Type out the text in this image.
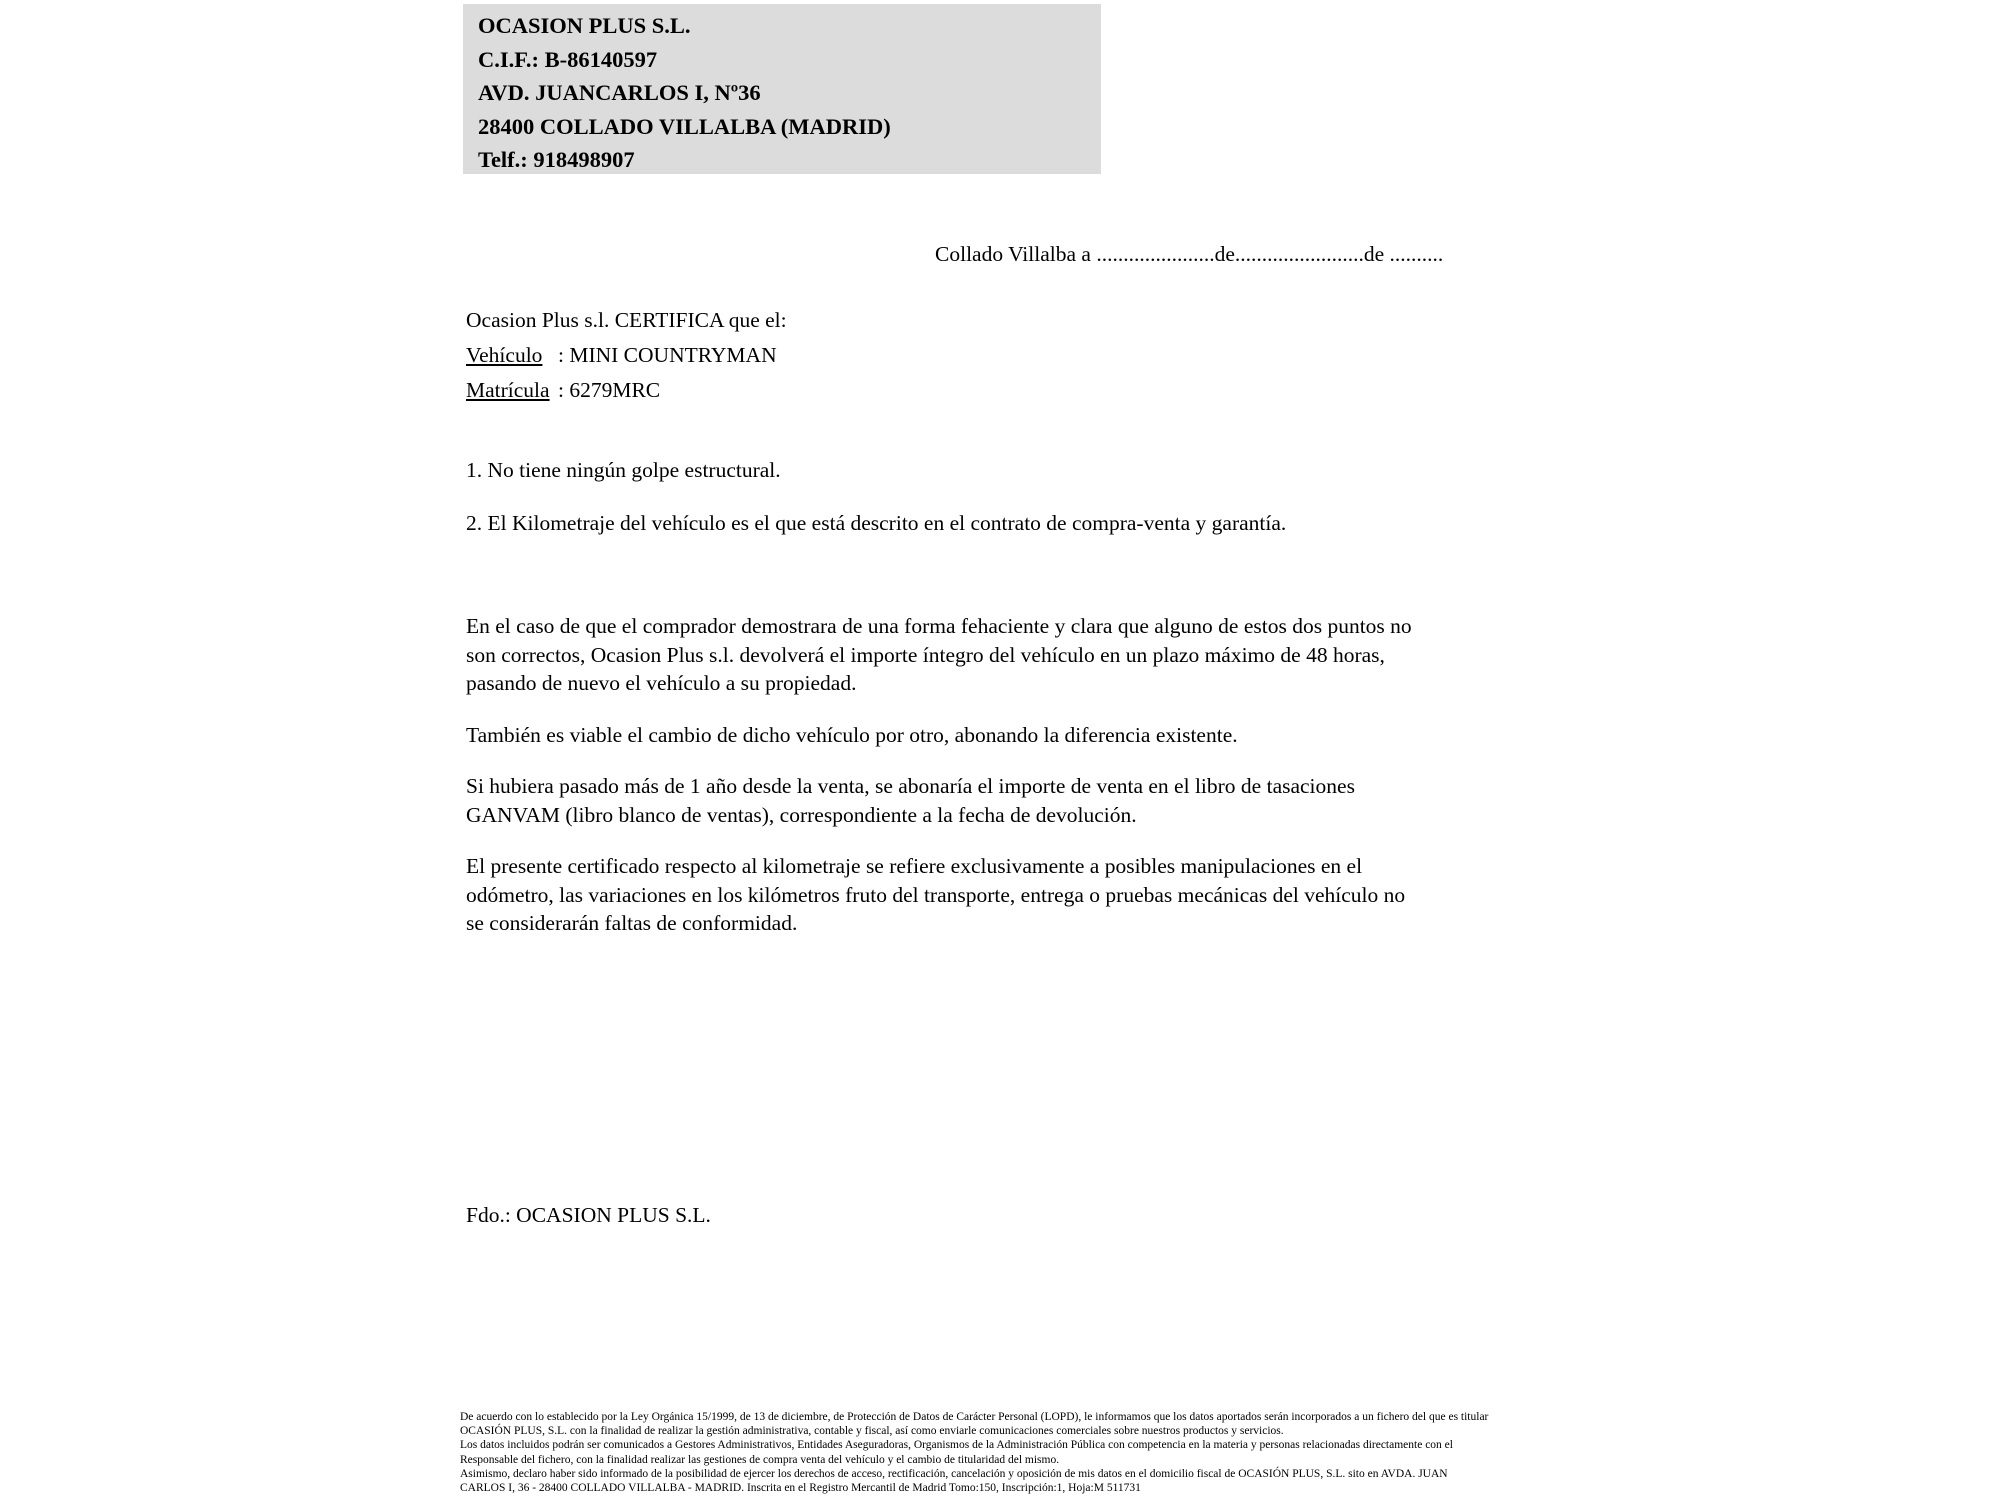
OCASION PLUS S.L.
C.I.F.: B-86140597
AVD. JUANCARLOS I, Nº36
28400 COLLADO VILLALBA (MADRID)
Telf.: 918498907
Collado Villalba a ......................de........................de ..........
Ocasion Plus s.l. CERTIFICA que el:
Vehículo : MINI COUNTRYMAN
Matrícula : 6279MRC
1. No tiene ningún golpe estructural.
2. El Kilometraje del vehículo es el que está descrito en el contrato de compra-venta y garantía.
En el caso de que el comprador demostrara de una forma fehaciente y clara que alguno de estos dos puntos no
son correctos, Ocasion Plus s.l. devolverá el importe íntegro del vehículo en un plazo máximo de 48 horas,
pasando de nuevo el vehículo a su propiedad.
También es viable el cambio de dicho vehículo por otro, abonando la diferencia existente.
Si hubiera pasado más de 1 año desde la venta, se abonaría el importe de venta en el libro de tasaciones
GANVAM (libro blanco de ventas), correspondiente a la fecha de devolución.
El presente certificado respecto al kilometraje se refiere exclusivamente a posibles manipulaciones en el
odómetro, las variaciones en los kilómetros fruto del transporte, entrega o pruebas mecánicas del vehículo no
se considerarán faltas de conformidad.
Fdo.: OCASION PLUS S.L.
De acuerdo con lo establecido por la Ley Orgánica 15/1999, de 13 de diciembre, de Protección de Datos de Carácter Personal (LOPD), le informamos que los datos aportados serán incorporados a un fichero del que es titular
OCASIÓN PLUS, S.L. con la finalidad de realizar la gestión administrativa, contable y fiscal, así como enviarle comunicaciones comerciales sobre nuestros productos y servicios.
Los datos incluidos podrán ser comunicados a Gestores Administrativos, Entidades Aseguradoras, Organismos de la Administración Pública con competencia en la materia y personas relacionadas directamente con el
Responsable del fichero, con la finalidad realizar las gestiones de compra venta del vehículo y el cambio de titularidad del mismo.
Asimismo, declaro haber sido informado de la posibilidad de ejercer los derechos de acceso, rectificación, cancelación y oposición de mis datos en el domicilio fiscal de OCASIÓN PLUS, S.L. sito en AVDA. JUAN
CARLOS I, 36 - 28400 COLLADO VILLALBA - MADRID. Inscrita en el Registro Mercantil de Madrid Tomo:150, Inscripción:1, Hoja:M 511731
